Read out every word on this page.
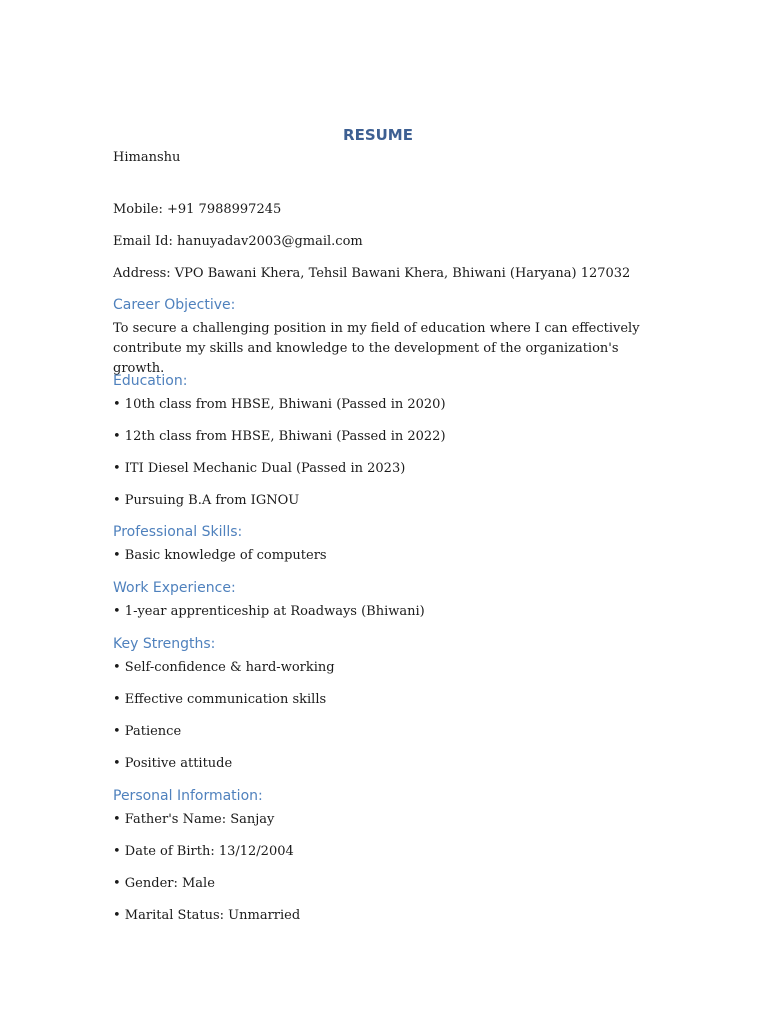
RESUME
Himanshu
Mobile: +91 7988997245
Email Id: hanuyadav2003@gmail.com
Address: VPO Bawani Khera, Tehsil Bawani Khera, Bhiwani (Haryana) 127032
Career Objective:
To secure a challenging position in my field of education where I can effectively contribute my skills and knowledge to the development of the organization's growth.
Education:
• 10th class from HBSE, Bhiwani (Passed in 2020)
• 12th class from HBSE, Bhiwani (Passed in 2022)
• ITI Diesel Mechanic Dual (Passed in 2023)
• Pursuing B.A from IGNOU
Professional Skills:
• Basic knowledge of computers
Work Experience:
• 1-year apprenticeship at Roadways (Bhiwani)
Key Strengths:
• Self-confidence & hard-working
• Effective communication skills
• Patience
• Positive attitude
Personal Information:
• Father's Name: Sanjay
• Date of Birth: 13/12/2004
• Gender: Male
• Marital Status: Unmarried
